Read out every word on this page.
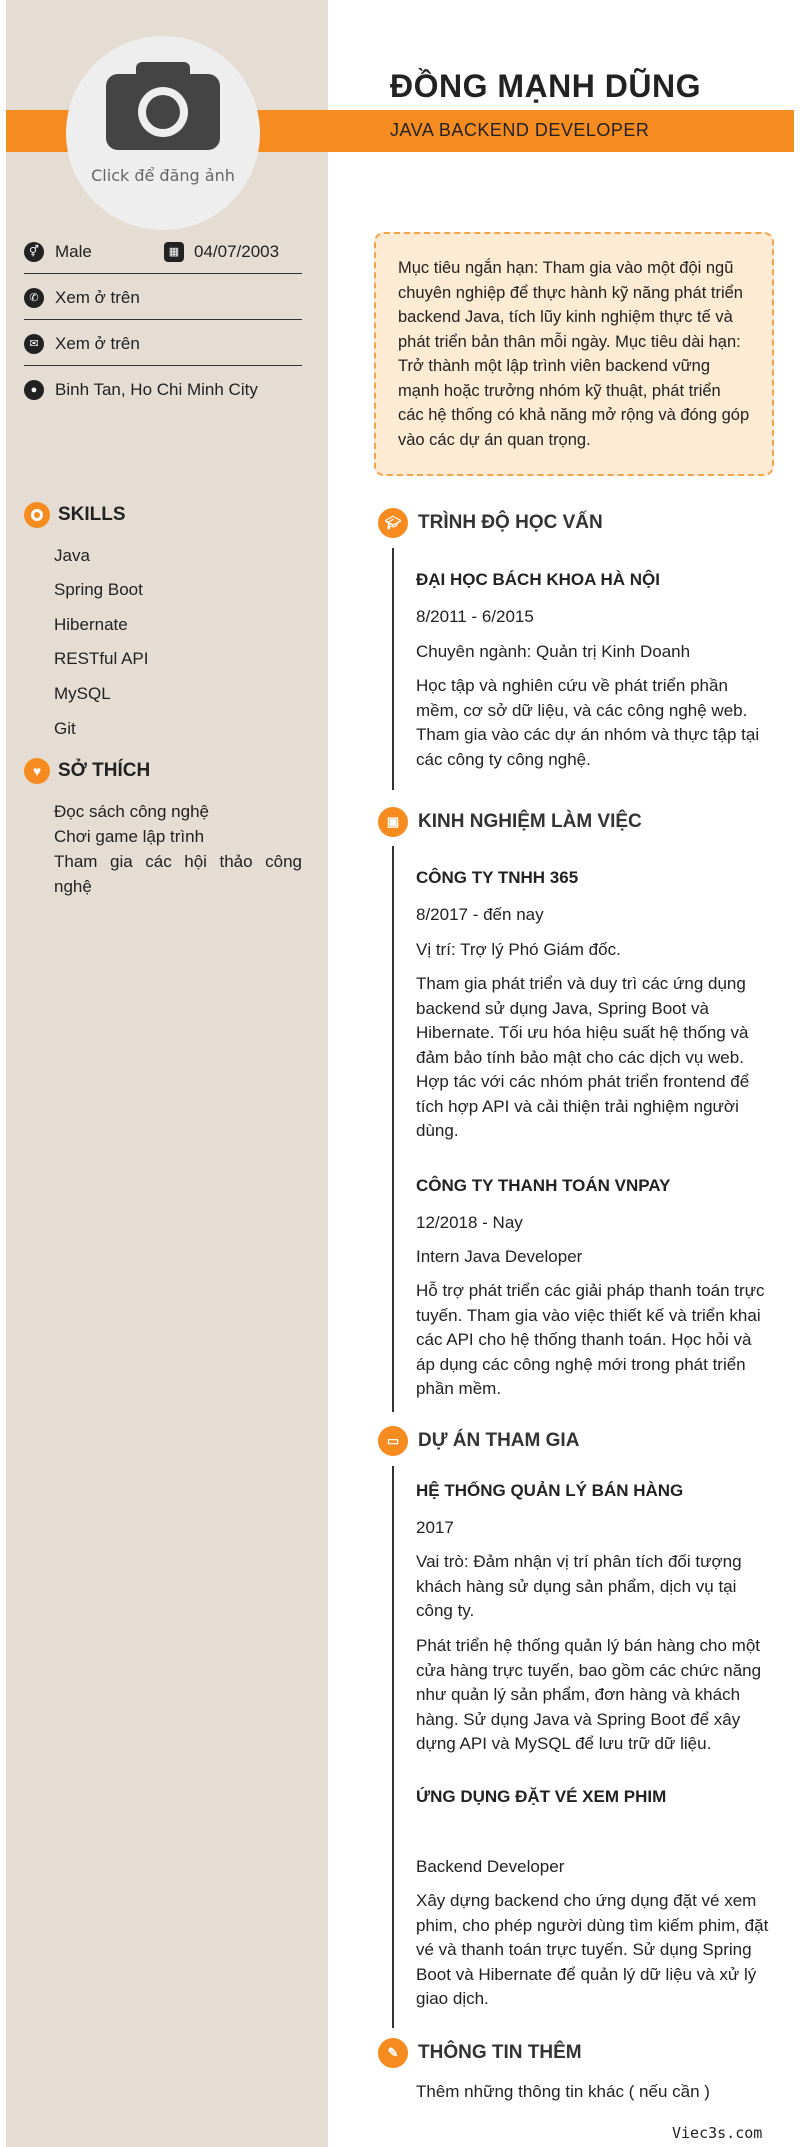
Click để đăng ảnh
ĐỒNG MẠNH DŨNG
JAVA BACKEND DEVELOPER
⚥ Male	▦ 04/07/2003
✆ Xem ở trên
✉ Xem ở trên
●	Binh Tan, Ho Chi Minh City
SKILLS
Java
Spring Boot
Hibernate
RESTful API
MySQL
Git
♥ SỞ THÍCH
Đọc sách công nghệ
Chơi game lập trình
Tham gia các hội thảo công nghệ
Mục tiêu ngắn hạn: Tham gia vào một đội ngũ chuyên nghiệp để thực hành kỹ năng phát triển backend Java, tích lũy kinh nghiệm thực tế và phát triển bản thân mỗi ngày. Mục tiêu dài hạn: Trở thành một lập trình viên backend vững mạnh hoặc trưởng nhóm kỹ thuật, phát triển các hệ thống có khả năng mở rộng và đóng góp vào các dự án quan trọng.
🎓︎ TRÌNH ĐỘ HỌC VẤN
ĐẠI HỌC BÁCH KHOA HÀ NỘI
8/2011 - 6/2015
Chuyên ngành: Quản trị Kinh Doanh
Học tập và nghiên cứu về phát triển phần mềm, cơ sở dữ liệu, và các công nghệ web. Tham gia vào các dự án nhóm và thực tập tại các công ty công nghệ.
▣ KINH NGHIỆM LÀM VIỆC
CÔNG TY TNHH 365
8/2017 - đến nay
Vị trí: Trợ lý Phó Giám đốc.
Tham gia phát triển và duy trì các ứng dụng backend sử dụng Java, Spring Boot và Hibernate. Tối ưu hóa hiệu suất hệ thống và đảm bảo tính bảo mật cho các dịch vụ web. Hợp tác với các nhóm phát triển frontend để tích hợp API và cải thiện trải nghiệm người dùng.
CÔNG TY THANH TOÁN VNPAY
12/2018 - Nay
Intern Java Developer
Hỗ trợ phát triển các giải pháp thanh toán trực tuyến. Tham gia vào việc thiết kế và triển khai các API cho hệ thống thanh toán. Học hỏi và áp dụng các công nghệ mới trong phát triển phần mềm.
▭ DỰ ÁN THAM GIA
HỆ THỐNG QUẢN LÝ BÁN HÀNG
2017
Vai trò: Đảm nhận vị trí phân tích đối tượng khách hàng sử dụng sản phẩm, dịch vụ tại công ty.
Phát triển hệ thống quản lý bán hàng cho một cửa hàng trực tuyến, bao gồm các chức năng như quản lý sản phẩm, đơn hàng và khách hàng. Sử dụng Java và Spring Boot để xây dựng API và MySQL để lưu trữ dữ liệu.
ỨNG DỤNG ĐẶT VÉ XEM PHIM
Backend Developer
Xây dựng backend cho ứng dụng đặt vé xem phim, cho phép người dùng tìm kiếm phim, đặt vé và thanh toán trực tuyến. Sử dụng Spring Boot và Hibernate để quản lý dữ liệu và xử lý giao dịch.
✎ THÔNG TIN THÊM
Thêm những thông tin khác ( nếu cần )
Viec3s.com
